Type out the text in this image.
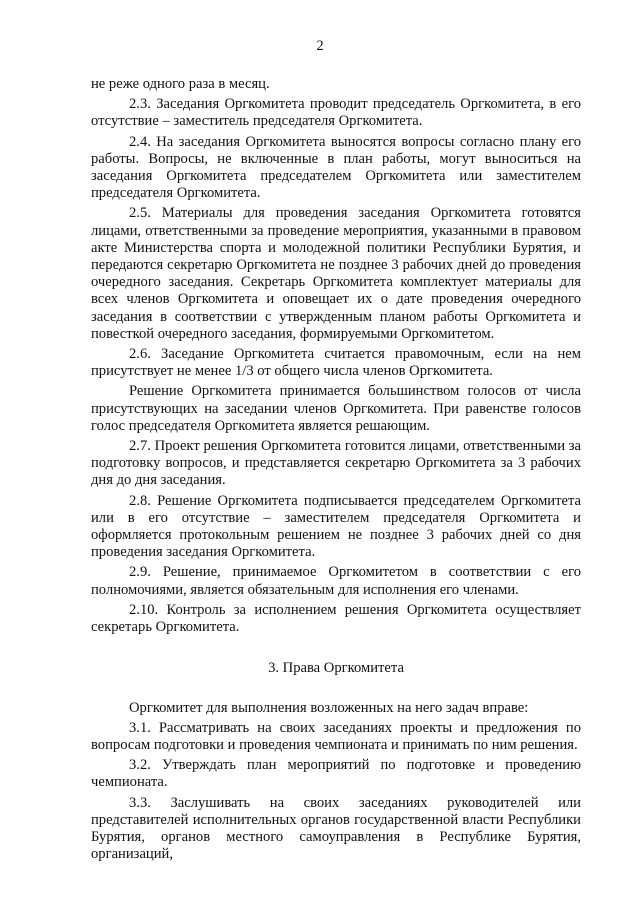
2

не реже одного раза в месяц.

2.3. Заседания Оргкомитета проводит председатель Оргкомитета, в его отсутствие – заместитель председателя Оргкомитета.

2.4. На заседания Оргкомитета выносятся вопросы согласно плану его работы. Вопросы, не включенные в план работы, могут выноситься на заседания Оргкомитета председателем Оргкомитета или заместителем председателя Оргкомитета.

2.5. Материалы для проведения заседания Оргкомитета готовятся лицами, ответственными за проведение мероприятия, указанными в правовом акте Министерства спорта и молодежной политики Республики Бурятия, и передаются секретарю Оргкомитета не позднее 3 рабочих дней до проведения очередного заседания. Секретарь Оргкомитета комплектует материалы для всех членов Оргкомитета и оповещает их о дате проведения очередного заседания в соответствии с утвержденным планом работы Оргкомитета и повесткой очередного заседания, формируемыми Оргкомитетом.

2.6. Заседание Оргкомитета считается правомочным, если на нем присутствует не менее 1/3 от общего числа членов Оргкомитета.

Решение Оргкомитета принимается большинством голосов от числа присутствующих на заседании членов Оргкомитета. При равенстве голосов голос председателя Оргкомитета является решающим.

2.7. Проект решения Оргкомитета готовится лицами, ответственными за подготовку вопросов, и представляется секретарю Оргкомитета за 3 рабочих дня до дня заседания.

2.8. Решение Оргкомитета подписывается председателем Оргкомитета или в его отсутствие – заместителем председателя Оргкомитета и оформляется протокольным решением не позднее 3 рабочих дней со дня проведения заседания Оргкомитета.

2.9. Решение, принимаемое Оргкомитетом в соответствии с его полномочиями, является обязательным для исполнения его членами.

2.10. Контроль за исполнением решения Оргкомитета осуществляет секретарь Оргкомитета.

3. Права Оргкомитета

Оргкомитет для выполнения возложенных на него задач вправе:

3.1. Рассматривать на своих заседаниях проекты и предложения по вопросам подготовки и проведения чемпионата и принимать по ним решения.

3.2. Утверждать план мероприятий по подготовке и проведению чемпионата.

3.3. Заслушивать на своих заседаниях руководителей или представителей исполнительных органов государственной власти Республики Бурятия, органов местного самоуправления в Республике Бурятия, организаций,
